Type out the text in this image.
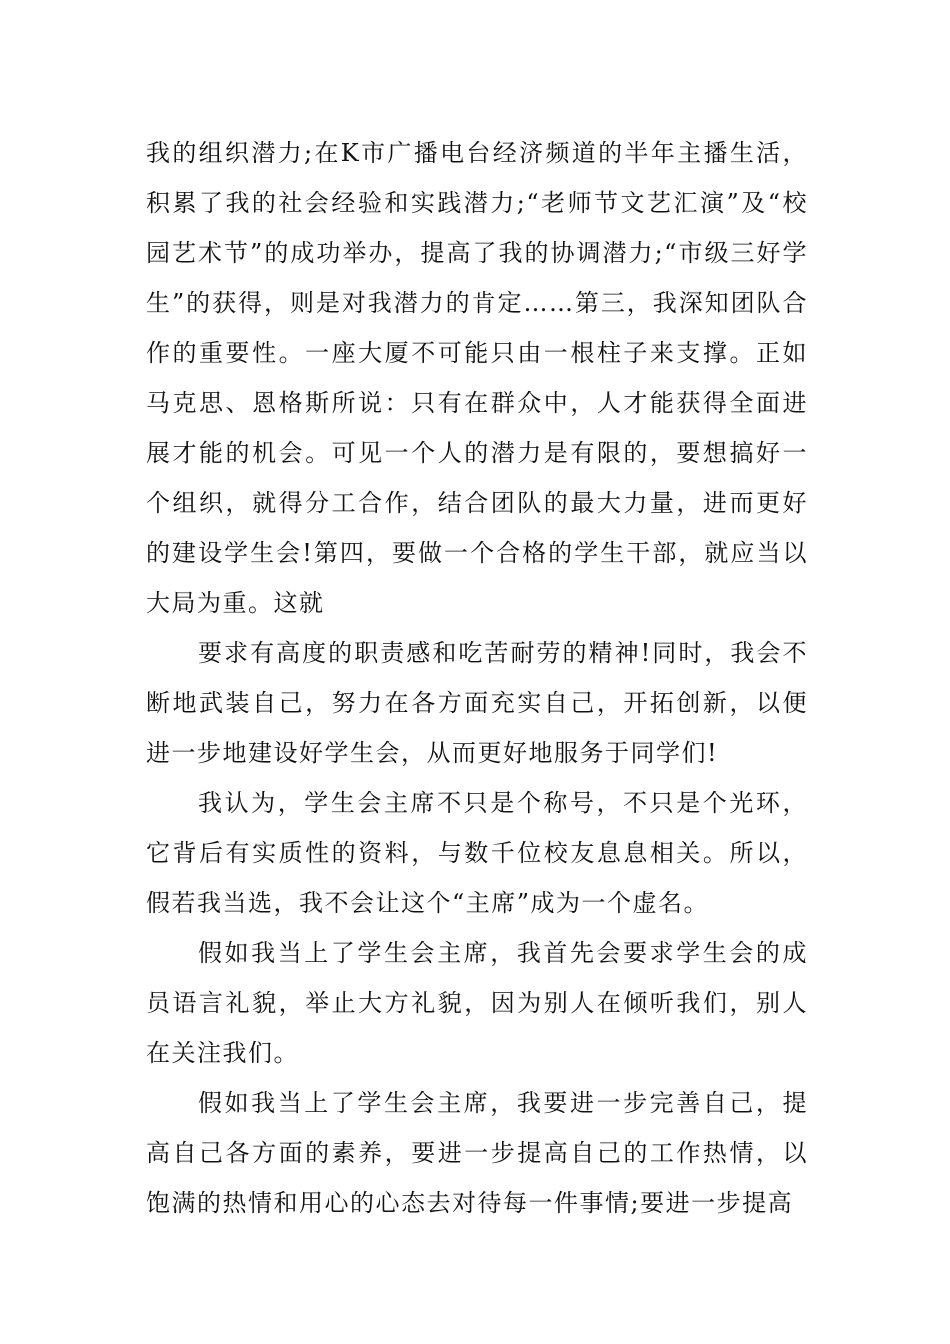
我的组织潜力;在K市广播电台经济频道的半年主播生活，积累了我的社会经验和实践潜力;“老师节文艺汇演”及“校园艺术节”的成功举办，提高了我的协调潜力;“市级三好学生”的获得，则是对我潜力的肯定……第三，我深知团队合作的重要性。一座大厦不可能只由一根柱子来支撑。正如马克思、恩格斯所说：只有在群众中，人才能获得全面进展才能的机会。可见一个人的潜力是有限的，要想搞好一个组织，就得分工合作，结合团队的最大力量，进而更好的建设学生会!第四，要做一个合格的学生干部，就应当以大局为重。这就

要求有高度的职责感和吃苦耐劳的精神!同时，我会不断地武装自己，努力在各方面充实自己，开拓创新，以便进一步地建设好学生会，从而更好地服务于同学们!

我认为，学生会主席不只是个称号，不只是个光环，它背后有实质性的资料，与数千位校友息息相关。所以，假若我当选，我不会让这个“主席”成为一个虚名。

假如我当上了学生会主席，我首先会要求学生会的成员语言礼貌，举止大方礼貌，因为别人在倾听我们，别人在关注我们。

假如我当上了学生会主席，我要进一步完善自己，提高自己各方面的素养，要进一步提高自己的工作热情，以饱满的热情和用心的心态去对待每一件事情;要进一步提高
